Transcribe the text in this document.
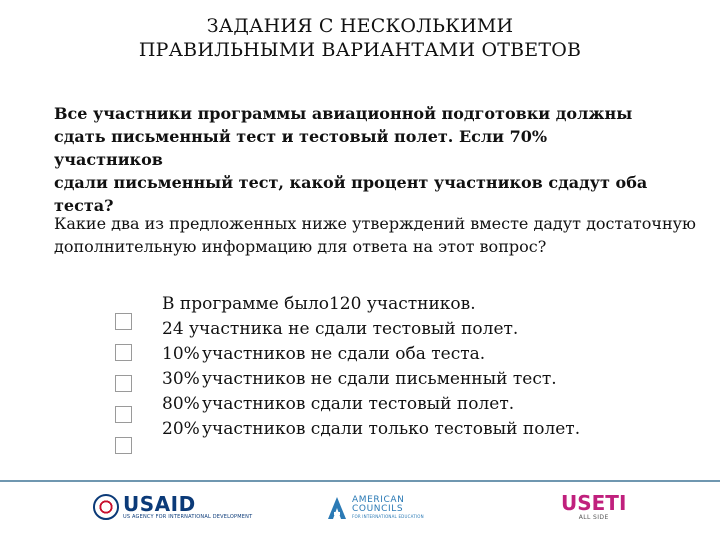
ЗАДАНИЯ С НЕСКОЛЬКИМИ
ПРАВИЛЬНЫМИ ВАРИАНТАМИ ОТВЕТОВ
Все участники программы авиационной подготовки должны
сдать письменный тест и тестовый полет. Если 70% участников
сдали письменный тест, какой процент участников сдадут оба
теста?
Какие два из предложенных ниже утверждений вместе дадут достаточную
дополнительную информацию для ответа на этот вопрос?
В программе было120 участников.
24 участника не сдали тестовый полет.
10% участников не сдали оба теста.
30% участников не сдали письменный тест.
80% участников сдали тестовый полет.
20% участников сдали только тестовый полет.
USAID
US AGENCY FOR INTERNATIONAL DEVELOPMENT
AMERICAN
COUNCILS
FOR INTERNATIONAL EDUCATION
USETI
ALL SIDE
